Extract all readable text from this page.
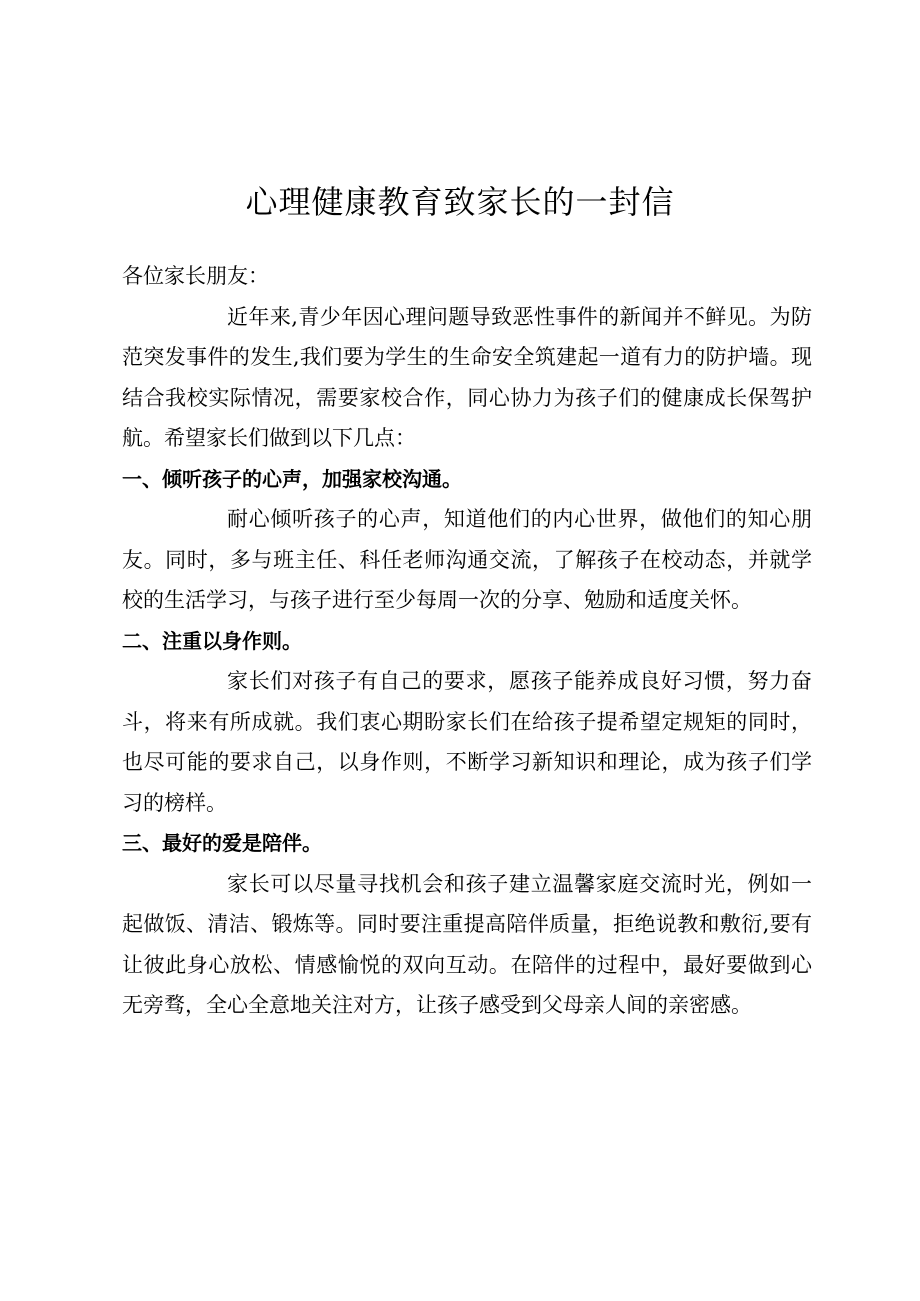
心理健康教育致家长的一封信

各位家长朋友：

近年来,青少年因心理问题导致恶性事件的新闻并不鲜见。为防范突发事件的发生,我们要为学生的生命安全筑建起一道有力的防护墙。现结合我校实际情况，需要家校合作，同心协力为孩子们的健康成长保驾护航。希望家长们做到以下几点：

一、倾听孩子的心声，加强家校沟通。

耐心倾听孩子的心声，知道他们的内心世界，做他们的知心朋友。同时，多与班主任、科任老师沟通交流，了解孩子在校动态，并就学校的生活学习，与孩子进行至少每周一次的分享、勉励和适度关怀。

二、注重以身作则。

家长们对孩子有自己的要求，愿孩子能养成良好习惯，努力奋斗，将来有所成就。我们衷心期盼家长们在给孩子提希望定规矩的同时，也尽可能的要求自己，以身作则，不断学习新知识和理论，成为孩子们学习的榜样。

三、最好的爱是陪伴。

家长可以尽量寻找机会和孩子建立温馨家庭交流时光，例如一起做饭、清洁、锻炼等。同时要注重提高陪伴质量，拒绝说教和敷衍,要有让彼此身心放松、情感愉悦的双向互动。在陪伴的过程中，最好要做到心无旁骛，全心全意地关注对方，让孩子感受到父母亲人间的亲密感。
